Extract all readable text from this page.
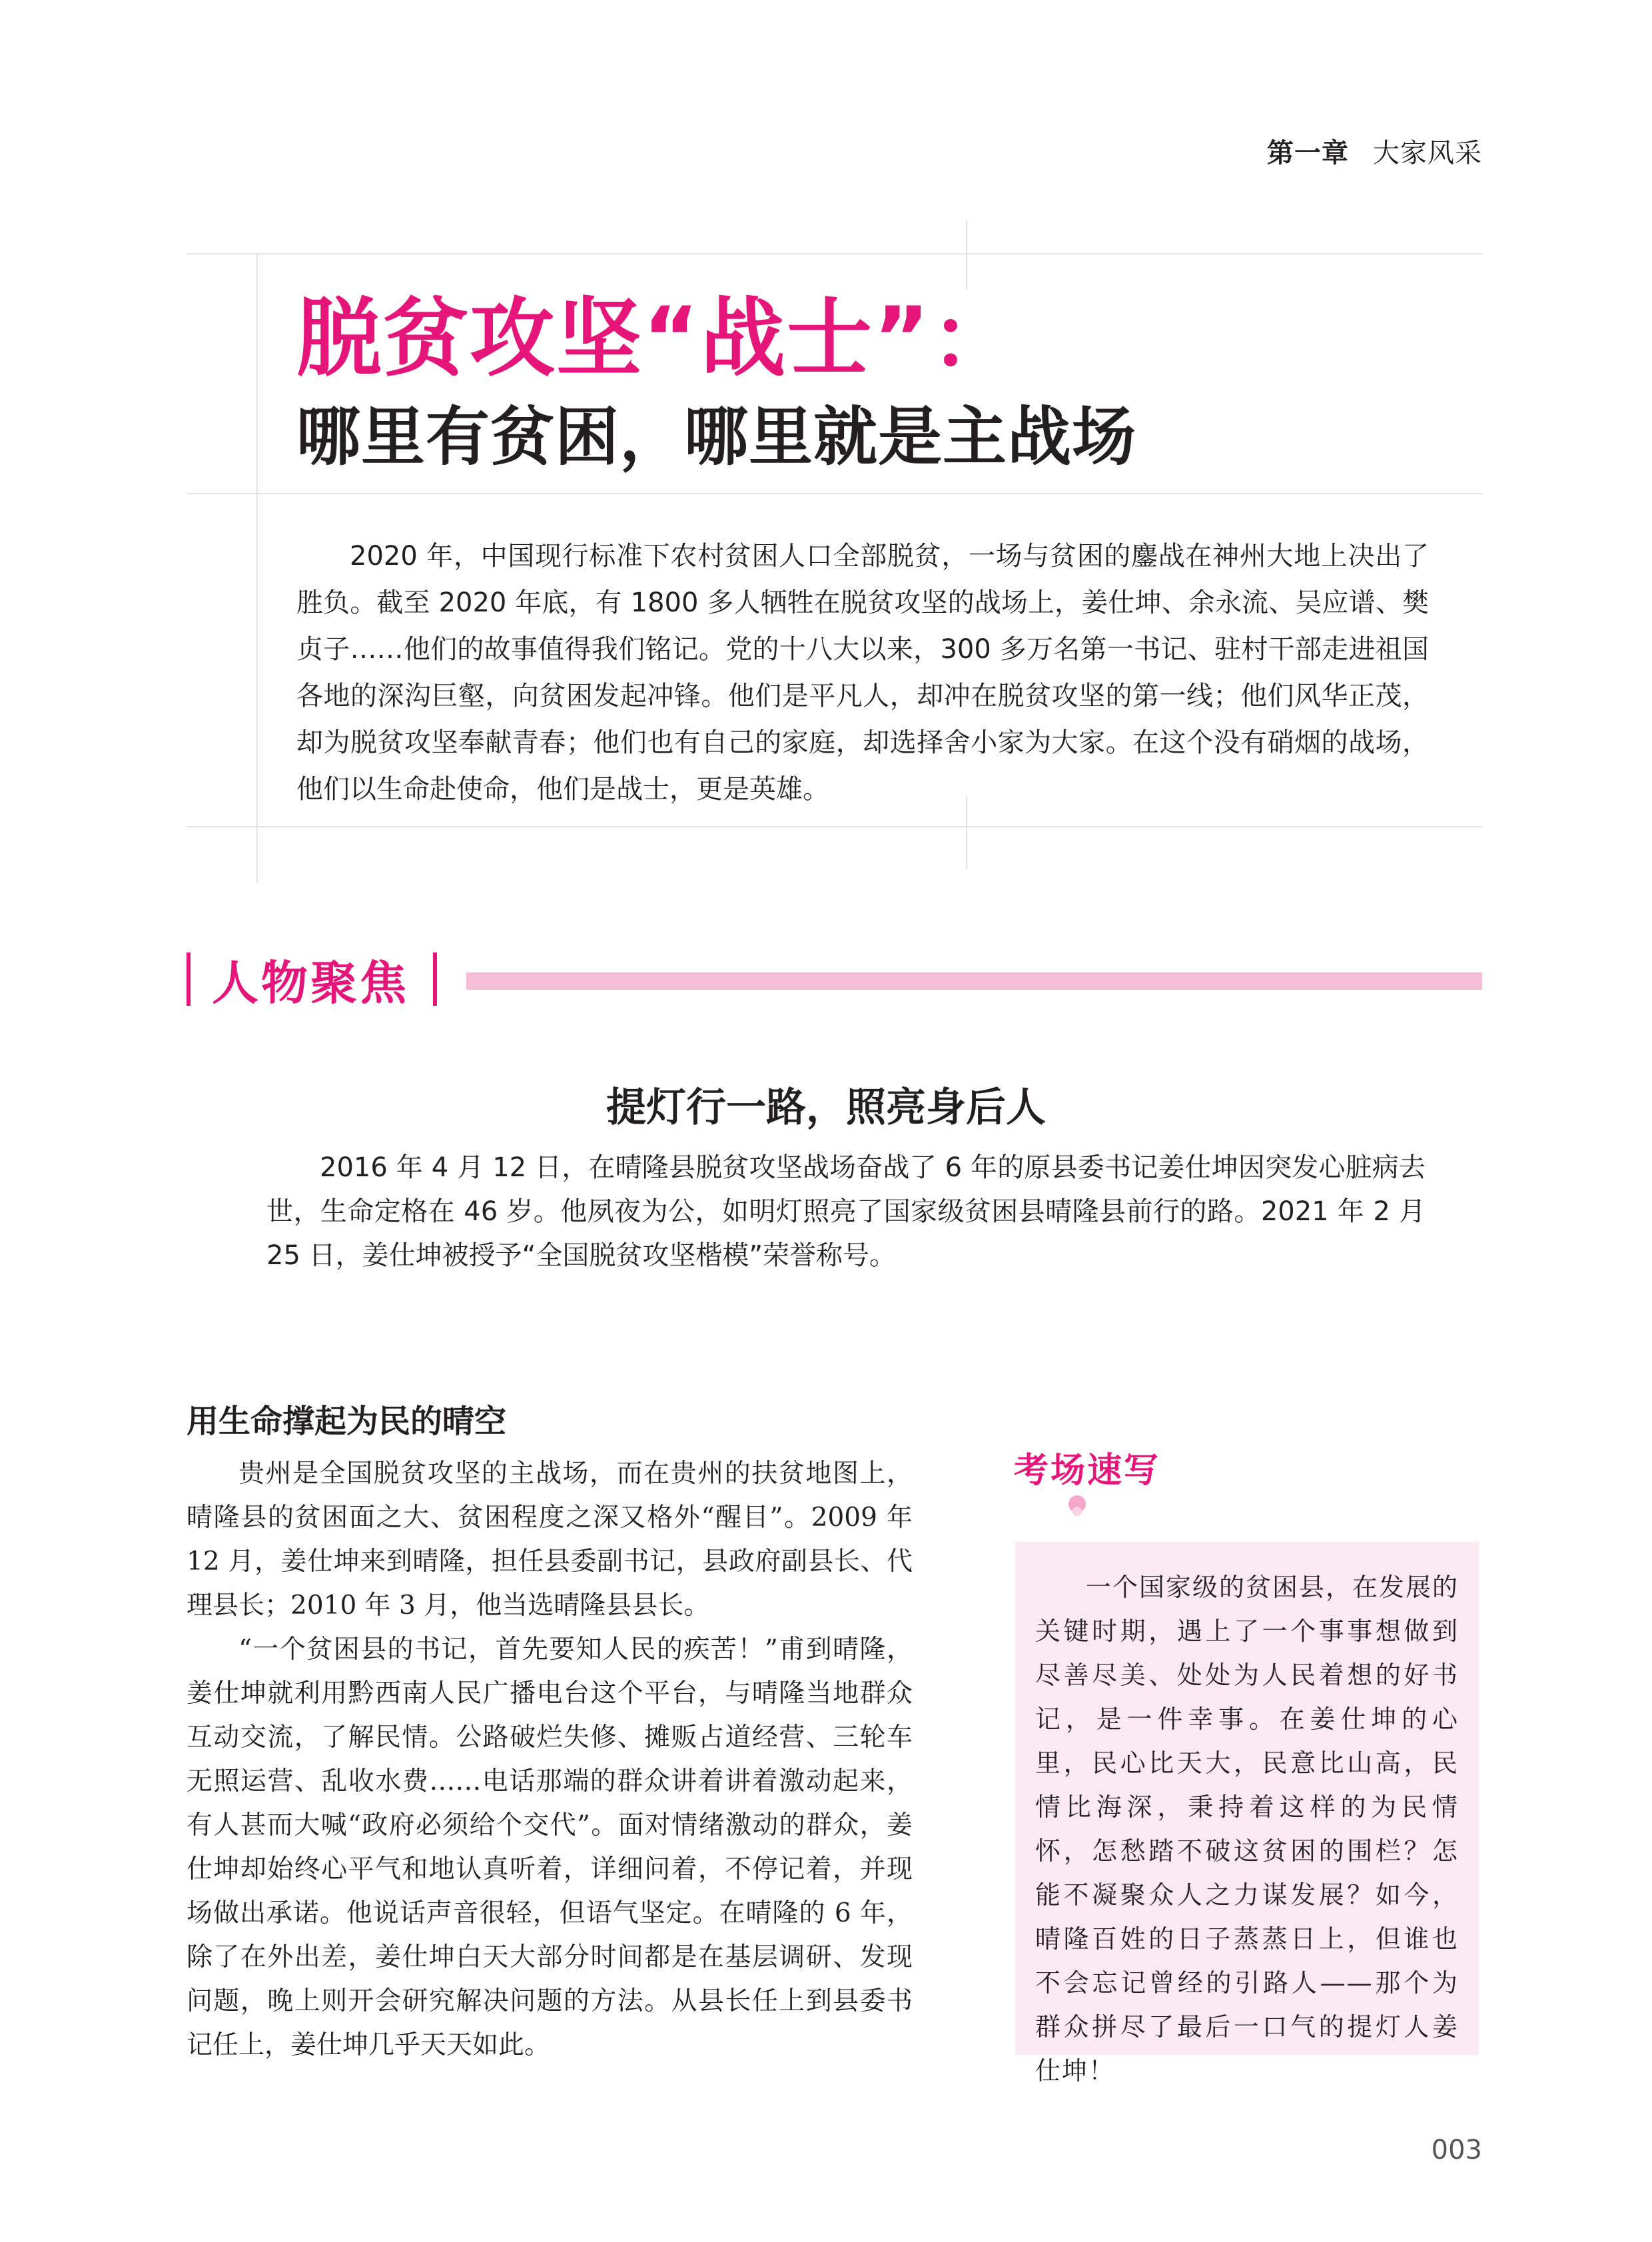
第一章 大家风采
脱贫攻坚“战士”：
哪里有贫困，哪里就是主战场

2020 年，中国现行标准下农村贫困人口全部脱贫，一场与贫困的鏖战在神州大地上决出了胜负。截至 2020 年底，有 1800 多人牺牲在脱贫攻坚的战场上，姜仕坤、余永流、吴应谱、樊贞子……他们的故事值得我们铭记。党的十八大以来，300 多万名第一书记、驻村干部走进祖国各地的深沟巨壑，向贫困发起冲锋。他们是平凡人，却冲在脱贫攻坚的第一线；他们风华正茂，却为脱贫攻坚奉献青春；他们也有自己的家庭，却选择舍小家为大家。在这个没有硝烟的战场，他们以生命赴使命，他们是战士，更是英雄。

人物聚焦
提灯行一路，照亮身后人

2016 年 4 月 12 日，在晴隆县脱贫攻坚战场奋战了 6 年的原县委书记姜仕坤因突发心脏病去世，生命定格在 46 岁。他夙夜为公，如明灯照亮了国家级贫困县晴隆县前行的路。2021 年 2 月 25 日，姜仕坤被授予“全国脱贫攻坚楷模”荣誉称号。

用生命撑起为民的晴空

贵州是全国脱贫攻坚的主战场，而在贵州的扶贫地图上，晴隆县的贫困面之大、贫困程度之深又格外“醒目”。2009 年 12 月，姜仕坤来到晴隆，担任县委副书记，县政府副县长、代理县长；2010 年 3 月，他当选晴隆县县长。

“一个贫困县的书记，首先要知人民的疾苦！”甫到晴隆，姜仕坤就利用黔西南人民广播电台这个平台，与晴隆当地群众互动交流，了解民情。公路破烂失修、摊贩占道经营、三轮车无照运营、乱收水费……电话那端的群众讲着讲着激动起来，有人甚而大喊“政府必须给个交代”。面对情绪激动的群众，姜仕坤却始终心平气和地认真听着，详细问着，不停记着，并现场做出承诺。他说话声音很轻，但语气坚定。在晴隆的 6 年，除了在外出差，姜仕坤白天大部分时间都是在基层调研、发现问题，晚上则开会研究解决问题的方法。从县长任上到县委书记任上，姜仕坤几乎天天如此。

考场速写

一个国家级的贫困县，在发展的关键时期，遇上了一个事事想做到尽善尽美、处处为人民着想的好书记，是一件幸事。在姜仕坤的心里，民心比天大，民意比山高，民情比海深，秉持着这样的为民情怀，怎愁踏不破这贫困的围栏？怎能不凝聚众人之力谋发展？如今，晴隆百姓的日子蒸蒸日上，但谁也不会忘记曾经的引路人——那个为群众拼尽了最后一口气的提灯人姜仕坤！

003
